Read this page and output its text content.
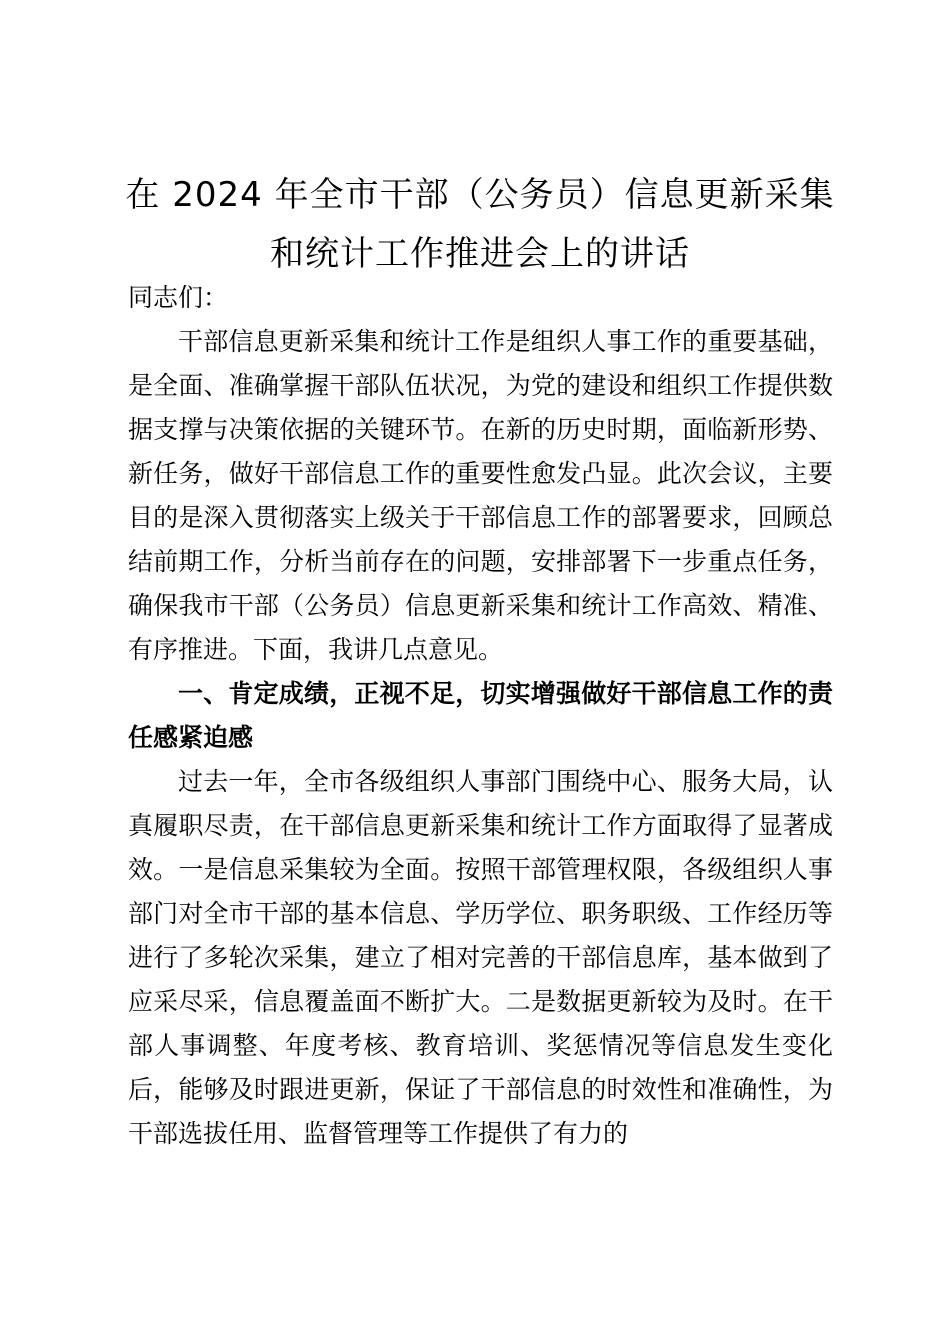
在 2024 年全市干部（公务员）信息更新采集
和统计工作推进会上的讲话

同志们：

干部信息更新采集和统计工作是组织人事工作的重要基础，是全面、准确掌握干部队伍状况，为党的建设和组织工作提供数据支撑与决策依据的关键环节。在新的历史时期，面临新形势、新任务，做好干部信息工作的重要性愈发凸显。此次会议，主要目的是深入贯彻落实上级关于干部信息工作的部署要求，回顾总结前期工作，分析当前存在的问题，安排部署下一步重点任务，确保我市干部（公务员）信息更新采集和统计工作高效、精准、有序推进。下面，我讲几点意见。

一、肯定成绩，正视不足，切实增强做好干部信息工作的责任感紧迫感

过去一年，全市各级组织人事部门围绕中心、服务大局，认真履职尽责，在干部信息更新采集和统计工作方面取得了显著成效。一是信息采集较为全面。按照干部管理权限，各级组织人事部门对全市干部的基本信息、学历学位、职务职级、工作经历等进行了多轮次采集，建立了相对完善的干部信息库，基本做到了应采尽采，信息覆盖面不断扩大。二是数据更新较为及时。在干部人事调整、年度考核、教育培训、奖惩情况等信息发生变化后，能够及时跟进更新，保证了干部信息的时效性和准确性，为干部选拔任用、监督管理等工作提供了有力的
